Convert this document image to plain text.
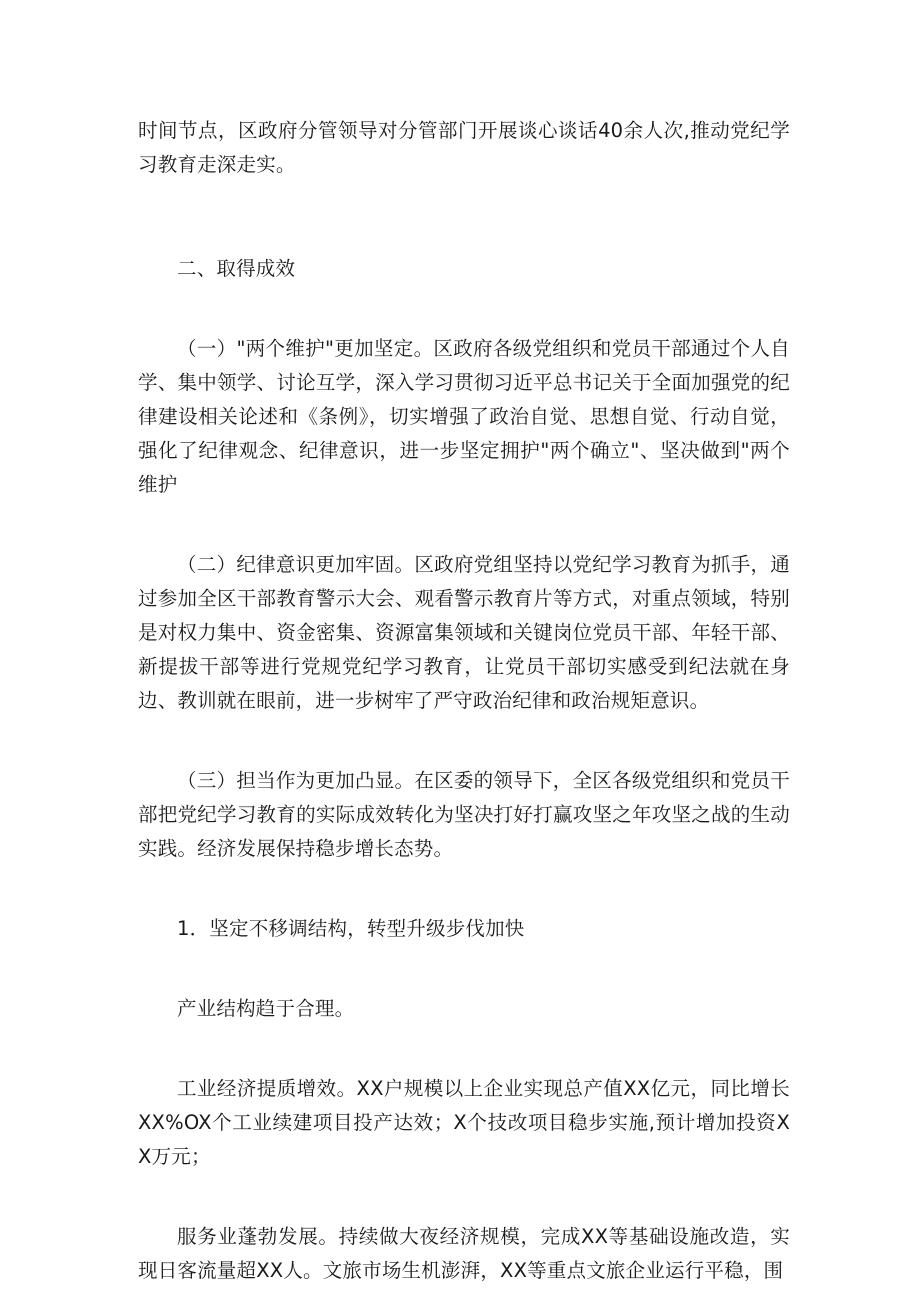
时间节点，区政府分管领导对分管部门开展谈心谈话40余人次,推动党纪学习教育走深走实。

二、取得成效

（一）"两个维护"更加坚定。区政府各级党组织和党员干部通过个人自学、集中领学、讨论互学，深入学习贯彻习近平总书记关于全面加强党的纪律建设相关论述和《条例》，切实增强了政治自觉、思想自觉、行动自觉，强化了纪律观念、纪律意识，进一步坚定拥护"两个确立"、坚决做到"两个维护

（二）纪律意识更加牢固。区政府党组坚持以党纪学习教育为抓手，通过参加全区干部教育警示大会、观看警示教育片等方式，对重点领域，特别是对权力集中、资金密集、资源富集领域和关键岗位党员干部、年轻干部、新提拔干部等进行党规党纪学习教育，让党员干部切实感受到纪法就在身边、教训就在眼前，进一步树牢了严守政治纪律和政治规矩意识。

（三）担当作为更加凸显。在区委的领导下，全区各级党组织和党员干部把党纪学习教育的实际成效转化为坚决打好打赢攻坚之年攻坚之战的生动实践。经济发展保持稳步增长态势。

1．坚定不移调结构，转型升级步伐加快

产业结构趋于合理。

工业经济提质增效。XX户规模以上企业实现总产值XX亿元，同比增长XX%OX个工业续建项目投产达效；X个技改项目稳步实施,预计增加投资XX万元；

服务业蓬勃发展。持续做大夜经济规模，完成XX等基础设施改造，实现日客流量超XX人。文旅市场生机澎湃，XX等重点文旅企业运行平稳，围
